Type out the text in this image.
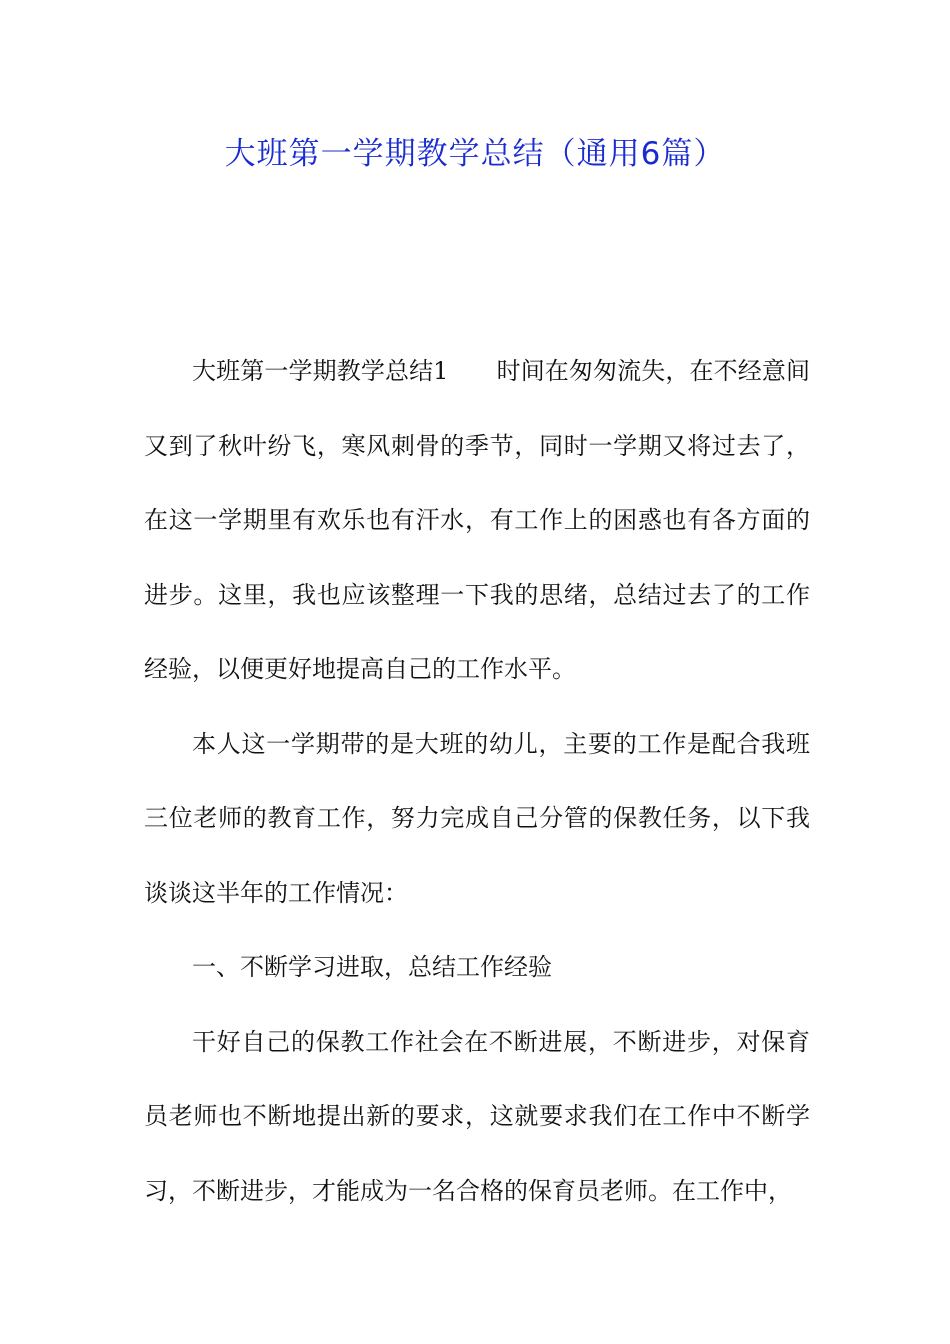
大班第一学期教学总结（通用6篇）

大班第一学期教学总结1 时间在匆匆流失，在不经意间又到了秋叶纷飞，寒风刺骨的季节，同时一学期又将过去了，在这一学期里有欢乐也有汗水，有工作上的困惑也有各方面的进步。这里，我也应该整理一下我的思绪，总结过去了的工作经验，以便更好地提高自己的工作水平。

本人这一学期带的是大班的幼儿，主要的工作是配合我班三位老师的教育工作，努力完成自己分管的保教任务，以下我谈谈这半年的工作情况：

一、不断学习进取，总结工作经验

干好自己的保教工作社会在不断进展，不断进步，对保育员老师也不断地提出新的要求，这就要求我们在工作中不断学习，不断进步，才能成为一名合格的保育员老师。在工作中，
